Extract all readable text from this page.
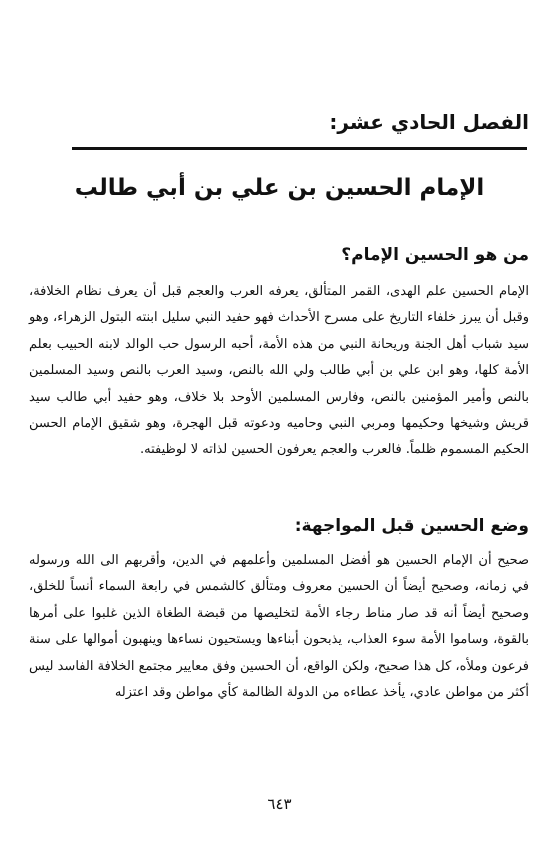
الفصل الحادي عشر:
الإمام الحسين بن علي بن أبي طالب
من هو الحسين الإمام؟
الإمام الحسين علم الهدى، القمر المتألق، يعرفه العرب والعجم قبل أن يعرف نظام الخلافة، وقبل أن يبرز خلفاء التاريخ على مسرح الأحداث فهو حفيد النبي سليل ابنته البتول الزهراء، وهو سيد شباب أهل الجنة وريحانة النبي من هذه الأمة، أحبه الرسول حب الوالد لابنه الحبيب بعلم الأمة كلها، وهو ابن علي بن أبي طالب ولي الله بالنص، وسيد العرب بالنص وسيد المسلمين بالنص وأمير المؤمنين بالنص، وفارس المسلمين الأوحد بلا خلاف، وهو حفيد أبي طالب سيد قريش وشيخها وحكيمها ومربي النبي وحاميه ودعوته قبل الهجرة، وهو شقيق الإمام الحسن الحكيم المسموم ظلماً. فالعرب والعجم يعرفون الحسين لذاته لا لوظيفته.
وضع الحسين قبل المواجهة:
صحيح أن الإمام الحسين هو أفضل المسلمين وأعلمهم في الدين، وأقربهم الى الله ورسوله في زمانه، وصحيح أيضاً أن الحسين معروف ومتألق كالشمس في رابعة السماء أنساً للخلق، وصحيح أيضاً أنه قد صار مناط رجاء الأمة لتخليصها من قبضة الطغاة الذين غلبوا على أمرها بالقوة، وساموا الأمة سوء العذاب، يذبحون أبناءها ويستحيون نساءها وينهبون أموالها على سنة فرعون وملأه، كل هذا صحيح، ولكن الواقع، أن الحسين وفق معايير مجتمع الخلافة الفاسد ليس أكثر من مواطن عادي، يأخذ عطاءه من الدولة الظالمة كأي مواطن وقد اعتزله
٦٤٣
